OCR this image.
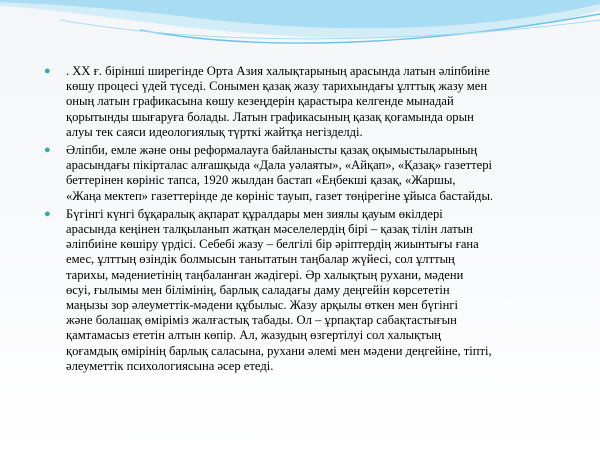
● . XX ғ. бірінші ширегінде Орта Азия халықтарының арасында латын әліпбиіне
көшу процесі үдей түседі. Сонымен қазақ жазу тарихындағы ұлттық жазу мен
оның латын графикасына көшу кезеңдерін қарастыра келгенде мынадай
қорытынды шығаруға болады. Латын графикасының қазақ қоғамында орын
алуы тек саяси идеологиялық түрткі жайтқа негізделді.
● Әліпби, емле және оны реформалауға байланысты қазақ оқымыстыларының
арасындағы пікірталас алғашқыда «Дала уәлаяты», «Айқап», «Қазақ» газеттері
беттерінен көрініс тапса, 1920 жылдан бастап «Еңбекші қазақ, «Жаршы,
«Жаңа мектеп» газеттерінде де көрініс тауып, газет төңірегіне ұйыса бастайды.
● Бүгінгі күнгі бұқаралық ақпарат құралдары мен зиялы қауым өкілдері
арасында кеңінен талқыланып жатқан мәселелердің бірі – қазақ тілін латын
әліпбиіне көшіру үрдісі. Себебі жазу – белгілі бір әріптердің жиынтығы ғана
емес, ұлттың өзіндік болмысын танытатын таңбалар жүйесі, сол ұлттың
тарихы, мәдениетінің таңбаланған жәдігері. Әр халықтың рухани, мәдени
өсуі, ғылымы мен білімінің, барлық саладағы даму деңгейін көрсететін
маңызы зор әлеуметтік-мәдени құбылыс. Жазу арқылы өткен мен бүгінгі
және болашақ өміріміз жалғастық табады. Ол – ұрпақтар сабақтастығын
қамтамасыз ететін алтын көпір. Ал, жазудың өзгертілуі сол халықтың
қоғамдық өмірінің барлық саласына, рухани әлемі мен мәдени деңгейіне, тіпті,
әлеуметтік психологиясына әсер етеді.
